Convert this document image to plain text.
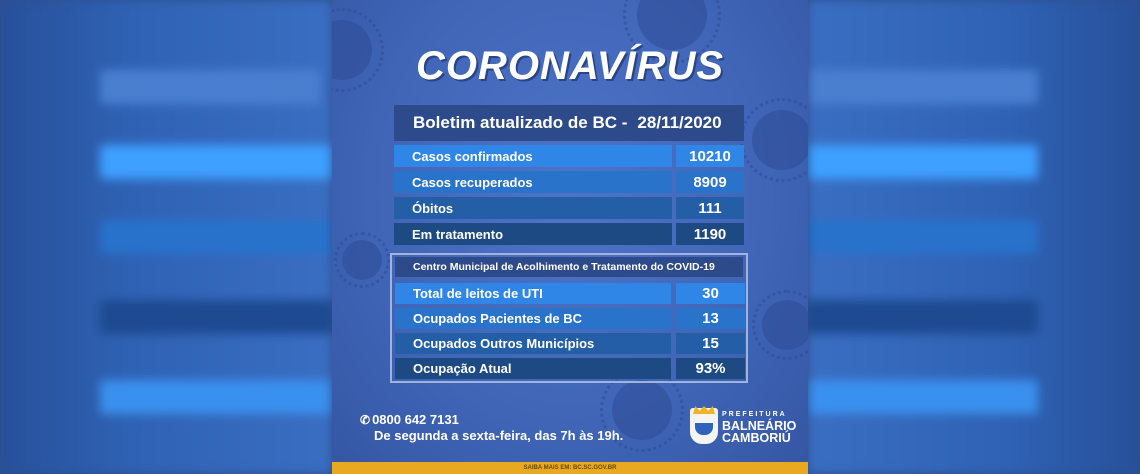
CORONAVÍRUS
Boletim atualizado de BC - 28/11/2020
Casos confirmados	10210
Casos recuperados	8909
Óbitos	111
Em tratamento	1190
Centro Municipal de Acolhimento e Tratamento do COVID-19
Total de leitos de UTI	30
Ocupados Pacientes de BC	13
Ocupados Outros Municípios	15
Ocupação Atual	93%
✆ 0800 642 7131
De segunda a sexta-feira, das 7h às 19h.
PREFEITURA
BALNEÁRIO
CAMBORIÚ
SAIBA MAIS EM: BC.SC.GOV.BR
